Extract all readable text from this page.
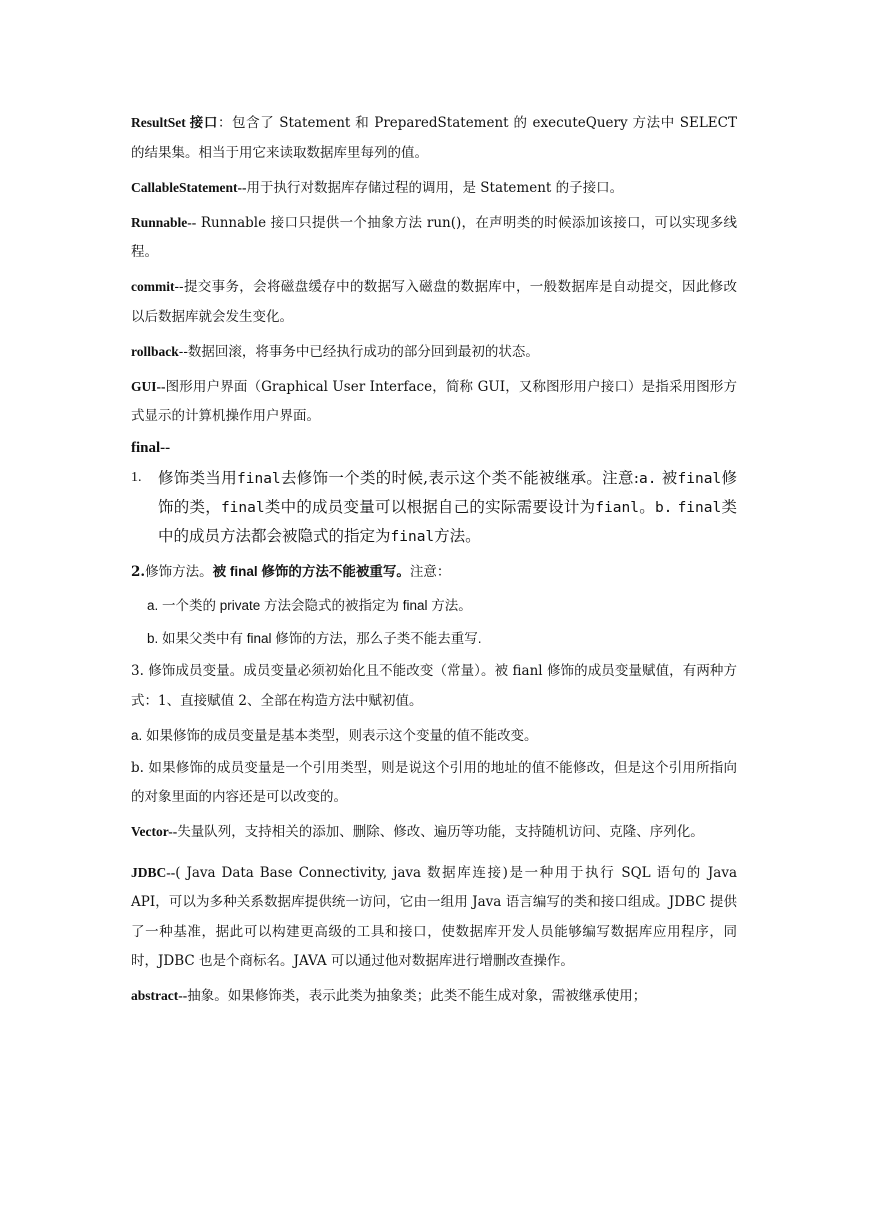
ResultSet 接口：包含了 Statement 和 PreparedStatement 的 executeQuery 方法中 SELECT 的结果集。相当于用它来读取数据库里每列的值。

CallableStatement--用于执行对数据库存储过程的调用，是 Statement 的子接口。

Runnable-- Runnable 接口只提供一个抽象方法 run()，在声明类的时候添加该接口，可以实现多线程。

commit--提交事务，会将磁盘缓存中的数据写入磁盘的数据库中，一般数据库是自动提交，因此修改以后数据库就会发生变化。

rollback--数据回滚，将事务中已经执行成功的部分回到最初的状态。

GUI--图形用户界面（Graphical User Interface，简称 GUI，又称图形用户接口）是指采用图形方式显示的计算机操作用户界面。

final--
1.	修饰类当用final去修饰一个类的时候,表示这个类不能被继承。注意:a. 被final修饰的类，final类中的成员变量可以根据自己的实际需要设计为fianl。b. final类中的成员方法都会被隐式的指定为final方法。

2.修饰方法。被 final 修饰的方法不能被重写。注意：

a. 一个类的 private 方法会隐式的被指定为 final 方法。

b. 如果父类中有 final 修饰的方法，那么子类不能去重写.

3. 修饰成员变量。成员变量必须初始化且不能改变（常量）。被 fianl 修饰的成员变量赋值，有两种方式：1、直接赋值 2、全部在构造方法中赋初值。

a. 如果修饰的成员变量是基本类型，则表示这个变量的值不能改变。

b. 如果修饰的成员变量是一个引用类型，则是说这个引用的地址的值不能修改，但是这个引用所指向的对象里面的内容还是可以改变的。

Vector--失量队列，支持相关的添加、删除、修改、遍历等功能，支持随机访问、克隆、序列化。

JDBC--( Java Data Base Connectivity, java 数据库连接)是一种用于执行 SQL 语句的 Java API，可以为多种关系数据库提供统一访问，它由一组用 Java 语言编写的类和接口组成。JDBC 提供了一种基准，据此可以构建更高级的工具和接口，使数据库开发人员能够编写数据库应用程序，同时，JDBC 也是个商标名。JAVA 可以通过他对数据库进行增删改查操作。

abstract--抽象。如果修饰类，表示此类为抽象类；此类不能生成对象，需被继承使用；
